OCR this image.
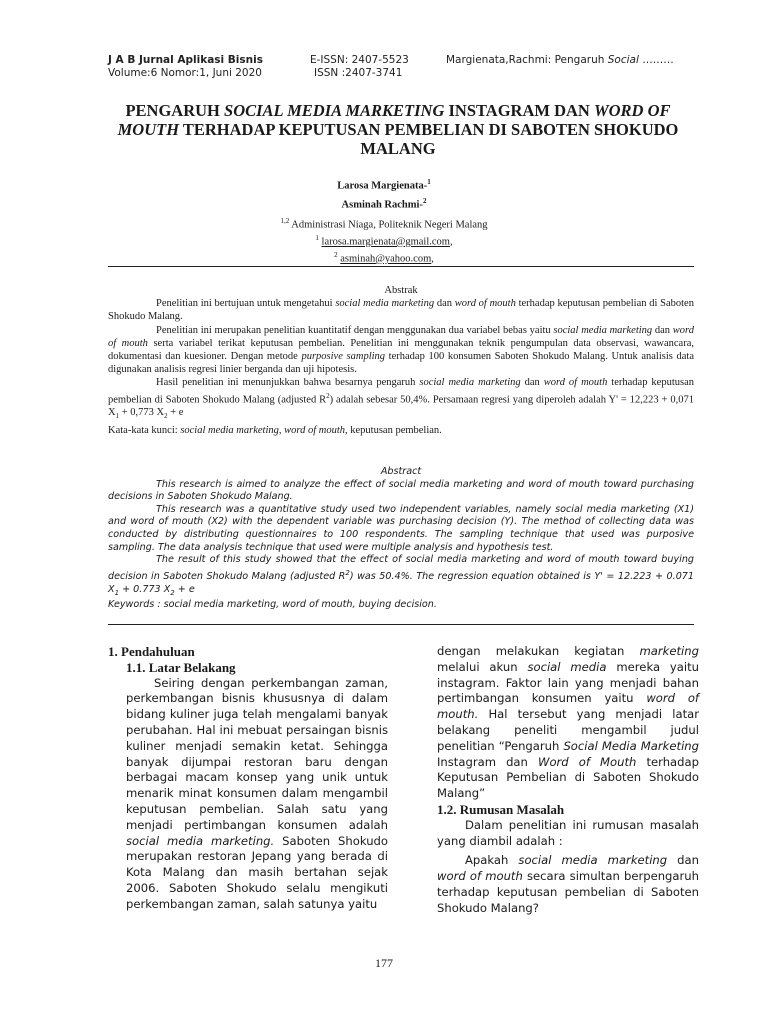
J A B Jurnal Aplikasi Bisnis
Volume:6 Nomor:1, Juni 2020
E-ISSN: 2407-5523
ISSN :2407-3741
Margienata,Rachmi: Pengaruh Social ………
PENGARUH SOCIAL MEDIA MARKETING INSTAGRAM DAN WORD OF MOUTH TERHADAP KEPUTUSAN PEMBELIAN DI SABOTEN SHOKUDO MALANG
Larosa Margienata-$^1$
Asminah Rachmi-$^2$
$^{1,2}$ Administrasi Niaga, Politeknik Negeri Malang
$^1$ larosa.margienata@gmail.com,
$^2$ asminah@yahoo.com,
Abstrak

Penelitian ini bertujuan untuk mengetahui social media marketing dan word of mouth terhadap keputusan pembelian di Saboten Shokudo Malang.

Penelitian ini merupakan penelitian kuantitatif dengan menggunakan dua variabel bebas yaitu social media marketing dan word of mouth serta variabel terikat keputusan pembelian. Penelitian ini menggunakan teknik pengumpulan data observasi, wawancara, dokumentasi dan kuesioner. Dengan metode purposive sampling terhadap 100 konsumen Saboten Shokudo Malang. Untuk analisis data digunakan analisis regresi linier berganda dan uji hipotesis.

Hasil penelitian ini menunjukkan bahwa besarnya pengaruh social media marketing dan word of mouth terhadap keputusan pembelian di Saboten Shokudo Malang (adjusted $R^2$) adalah sebesar 50,4%. Persamaan regresi yang diperoleh adalah Y' = 12,223 + 0,071 $X_1 + 0,773$ $X_2 + e$

Kata-kata kunci: social media marketing, word of mouth, keputusan pembelian.

Abstract

This research is aimed to analyze the effect of social media marketing and word of mouth toward purchasing decisions in Saboten Shokudo Malang.

This research was a quantitative study used two independent variables, namely social media marketing (X1) and word of mouth (X2) with the dependent variable was purchasing decision (Y). The method of collecting data was conducted by distributing questionnaires to 100 respondents. The sampling technique that used was purposive sampling. The data analysis technique that used were multiple analysis and hypothesis test.

The result of this study showed that the effect of social media marketing and word of mouth toward buying decision in Saboten Shokudo Malang (adjusted $R^2$) was 50.4%. The regression equation obtained is Y' = 12.223 + 0.071 $X_1 + 0.773$ $X_2 + e$

Keywords : social media marketing, word of mouth, buying decision.

1. Pendahuluan
1.1. Latar Belakang

Seiring dengan perkembangan zaman, perkembangan bisnis khususnya di dalam bidang kuliner juga telah mengalami banyak perubahan. Hal ini mebuat persaingan bisnis kuliner menjadi semakin ketat. Sehingga banyak dijumpai restoran baru dengan berbagai macam konsep yang unik untuk menarik minat konsumen dalam mengambil keputusan pembelian. Salah satu yang menjadi pertimbangan konsumen adalah social media marketing. Saboten Shokudo merupakan restoran Jepang yang berada di Kota Malang dan masih bertahan sejak 2006. Saboten Shokudo selalu mengikuti perkembangan zaman, salah satunya yaitu

dengan melakukan kegiatan marketing melalui akun social media mereka yaitu instagram. Faktor lain yang menjadi bahan pertimbangan konsumen yaitu word of mouth. Hal tersebut yang menjadi latar belakang peneliti mengambil judul penelitian “Pengaruh Social Media Marketing Instagram dan Word of Mouth terhadap Keputusan Pembelian di Saboten Shokudo Malang”

1.2. Rumusan Masalah

Dalam penelitian ini rumusan masalah yang diambil adalah :

Apakah social media marketing dan word of mouth secara simultan berpengaruh terhadap keputusan pembelian di Saboten Shokudo Malang?

177
